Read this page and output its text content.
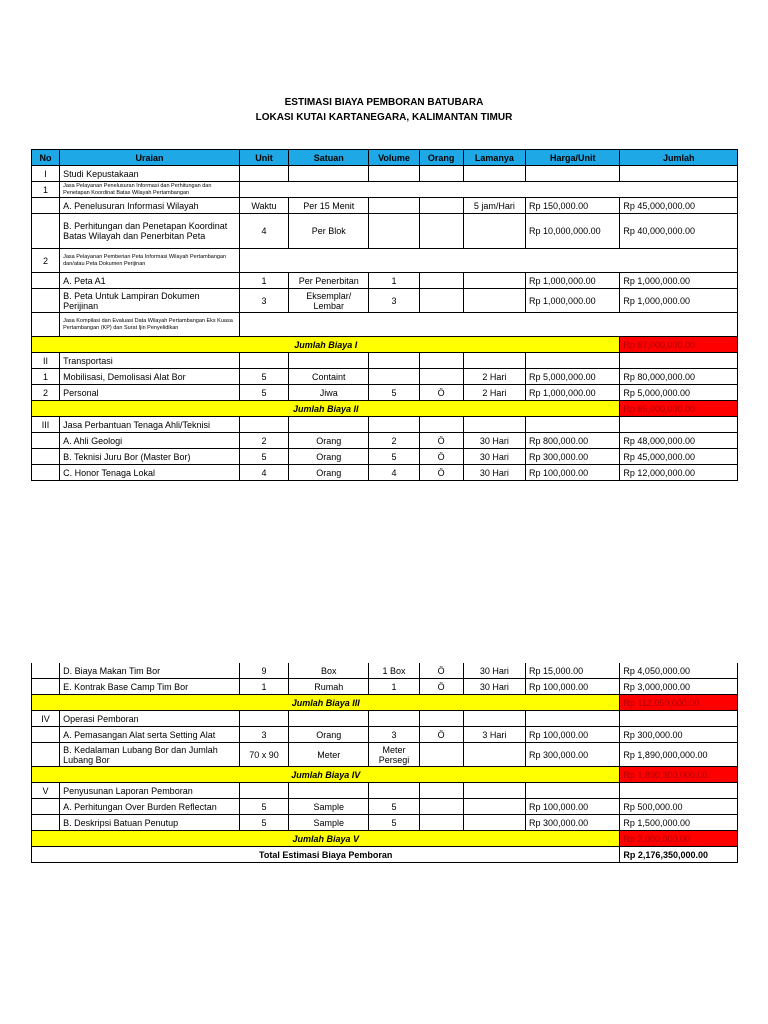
ESTIMASI BIAYA PEMBORAN BATUBARA
LOKASI KUTAI KARTANEGARA, KALIMANTAN TIMUR
No	Uraian	Unit	Satuan	Volume	Orang	Lamanya	Harga/Unit	Jumlah
I	Studi Kepustakaan							
1	Jasa Pelayanan Penelusuran Informasi dan Perhitungan dan Penetapan Koordinat Batas Wilayah Pertambangan							
	A. Penelusuran Informasi Wilayah	Waktu	Per 15 Menit			5 jam/Hari	Rp 150,000.00	Rp 45,000,000.00
	B. Perhitungan dan Penetapan Koordinat Batas Wilayah dan Penerbitan Peta	4	Per Blok				Rp 10,000,000.00	Rp 40,000,000.00
2	Jasa Pelayanan Pemberian Peta Informasi Wilayah Pertambangan dan/atau Peta Dokumen Perijinan							
	A. Peta A1	1	Per Penerbitan	1			Rp 1,000,000.00	Rp 1,000,000.00
	B. Peta Untuk Lampiran Dokumen Perijinan	3	Eksemplar/ Lembar	3			Rp 1,000,000.00	Rp 1,000,000.00
	Jasa Kompilasi dan Evaluasi Data Wilayah Pertambangan Eks Kuasa Pertambangan (KP) dan Surat Ijin Penyelidikan							
Jumlah Biaya I								Rp 87,000,000.00
II	Transportasi							
1	Mobilisasi, Demolisasi Alat Bor	5	Containt			2 Hari	Rp 5,000,000.00	Rp 80,000,000.00
2	Personal	5	Jiwa	5	Ö	2 Hari	Rp 1,000,000.00	Rp 5,000,000.00
Jumlah Biaya II								Rp 85,000,000.00
III	Jasa Perbantuan Tenaga Ahli/Teknisi							
	A. Ahli Geologi	2	Orang	2	Ö	30 Hari	Rp 800,000.00	Rp 48,000,000.00
	B. Teknisi Juru Bor (Master Bor)	5	Orang	5	Ö	30 Hari	Rp 300,000.00	Rp 45,000,000.00
	C. Honor Tenaga Lokal	4	Orang	4	Ö	30 Hari	Rp 100,000.00	Rp 12,000,000.00
	D. Biaya Makan Tim Bor	9	Box	1 Box	Ö	30 Hari	Rp 15,000.00	Rp 4,050,000.00
	E. Kontrak Base Camp Tim Bor	1	Rumah	1	Ö	30 Hari	Rp 100,000.00	Rp 3,000,000.00
Jumlah Biaya III								Rp 112,050,000.00
IV	Operasi Pemboran							
	A. Pemasangan Alat serta Setting Alat	3	Orang	3	Ö	3 Hari	Rp 100,000.00	Rp 300,000.00
	B. Kedalaman Lubang Bor dan Jumlah Lubang Bor	70 x 90	Meter	Meter Persegi			Rp 300,000.00	Rp 1,890,000,000.00
Jumlah Biaya IV								Rp 1,890,300,000.00
V	Penyusunan Laporan Pemboran							
	A. Perhitungan Over Burden Reflectan	5	Sample	5			Rp 100,000.00	Rp 500,000.00
	B. Deskripsi Batuan Penutup	5	Sample	5			Rp 300,000.00	Rp 1,500,000.00
Jumlah Biaya V								Rp 2,000,000.00
Total Estimasi Biaya Pemboran								Rp 2,176,350,000.00
